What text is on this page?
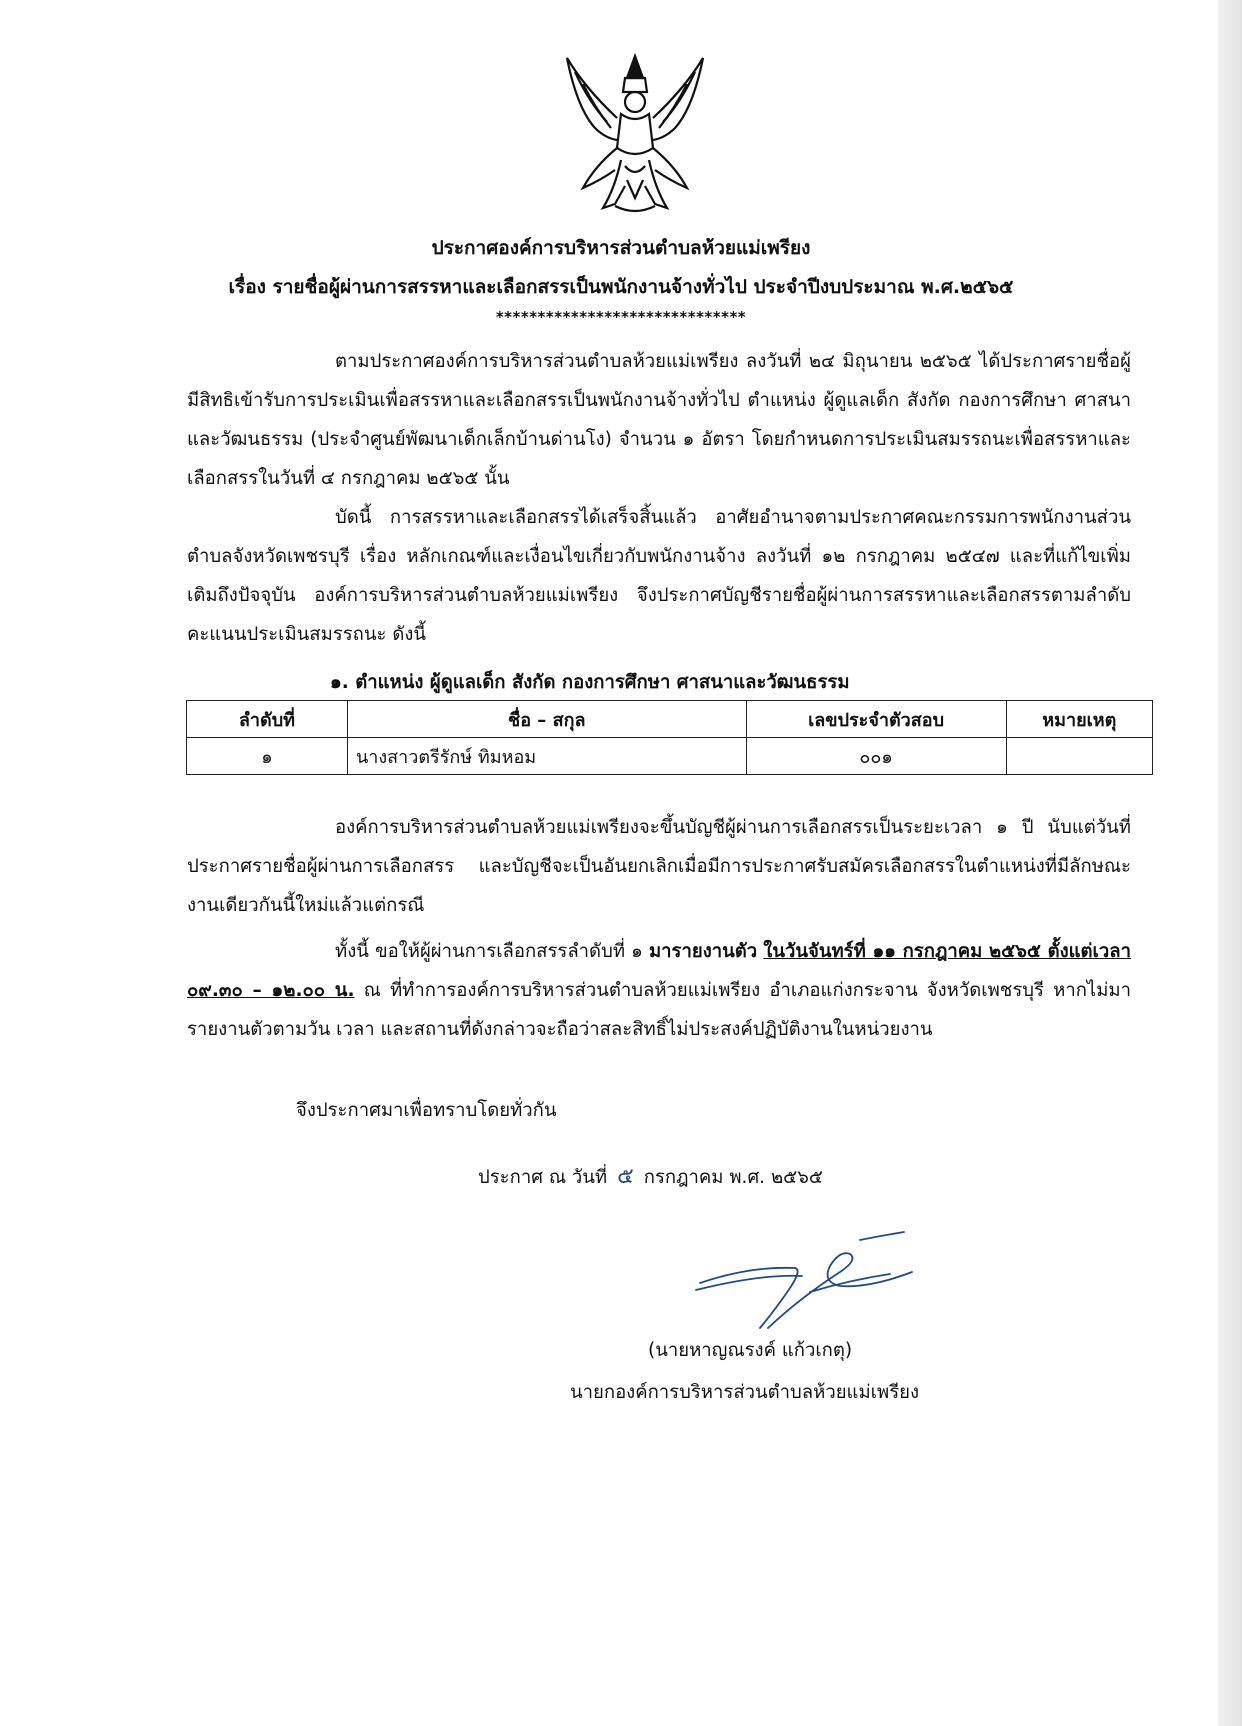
ประกาศองค์การบริหารส่วนตำบลห้วยแม่เพรียง
เรื่อง รายชื่อผู้ผ่านการสรรหาและเลือกสรรเป็นพนักงานจ้างทั่วไป ประจำปีงบประมาณ พ.ศ.๒๕๖๕
******************************
ตามประกาศองค์การบริหารส่วนตำบลห้วยแม่เพรียง ลงวันที่ ๒๔ มิถุนายน ๒๕๖๕ ได้ประกาศรายชื่อผู้มีสิทธิเข้ารับการประเมินเพื่อสรรหาและเลือกสรรเป็นพนักงานจ้างทั่วไป ตำแหน่ง ผู้ดูแลเด็ก สังกัด กองการศึกษา ศาสนาและวัฒนธรรม (ประจำศูนย์พัฒนาเด็กเล็กบ้านด่านโง) จำนวน ๑ อัตรา โดยกำหนดการประเมินสมรรถนะเพื่อสรรหาและเลือกสรรในวันที่ ๔ กรกฎาคม ๒๕๖๕ นั้น
บัดนี้ การสรรหาและเลือกสรรได้เสร็จสิ้นแล้ว อาศัยอำนาจตามประกาศคณะกรรมการพนักงานส่วนตำบลจังหวัดเพชรบุรี เรื่อง หลักเกณฑ์และเงื่อนไขเกี่ยวกับพนักงานจ้าง ลงวันที่ ๑๒ กรกฎาคม ๒๕๔๗ และที่แก้ไขเพิ่มเติมถึงปัจจุบัน องค์การบริหารส่วนตำบลห้วยแม่เพรียง จึงประกาศบัญชีรายชื่อผู้ผ่านการสรรหาและเลือกสรรตามลำดับคะแนนประเมินสมรรถนะ ดังนี้
๑. ตำแหน่ง ผู้ดูแลเด็ก สังกัด กองการศึกษา ศาสนาและวัฒนธรรม
ลำดับที่	ชื่อ – สกุล	เลขประจำตัวสอบ	หมายเหตุ
๑	นางสาวตรีรักษ์ ทิมหอม	๐๐๑	
องค์การบริหารส่วนตำบลห้วยแม่เพรียงจะขึ้นบัญชีผู้ผ่านการเลือกสรรเป็นระยะเวลา ๑ ปี นับแต่วันที่ประกาศรายชื่อผู้ผ่านการเลือกสรร และบัญชีจะเป็นอันยกเลิกเมื่อมีการประกาศรับสมัครเลือกสรรในตำแหน่งที่มีลักษณะงานเดียวกันนี้ใหม่แล้วแต่กรณี
ทั้งนี้ ขอให้ผู้ผ่านการเลือกสรรลำดับที่ ๑ มารายงานตัว ในวันจันทร์ที่ ๑๑ กรกฎาคม ๒๕๖๕ ตั้งแต่เวลา ๐๙.๓๐ – ๑๒.๐๐ น. ณ ที่ทำการองค์การบริหารส่วนตำบลห้วยแม่เพรียง อำเภอแก่งกระจาน จังหวัดเพชรบุรี หากไม่มารายงานตัวตามวัน เวลา และสถานที่ดังกล่าวจะถือว่าสละสิทธิ์ไม่ประสงค์ปฏิบัติงานในหน่วยงาน
จึงประกาศมาเพื่อทราบโดยทั่วกัน
ประกาศ ณ วันที่ ๕ กรกฎาคม พ.ศ. ๒๕๖๕
(นายหาญณรงค์ แก้วเกตุ)
นายกองค์การบริหารส่วนตำบลห้วยแม่เพรียง
